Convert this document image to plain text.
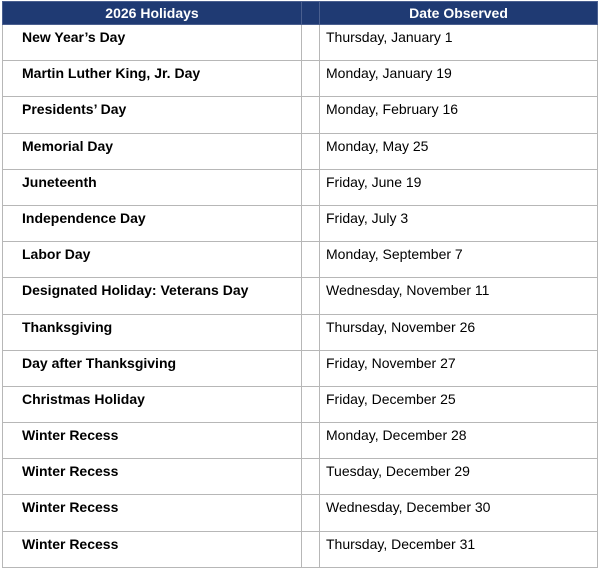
2026 Holidays		Date Observed
New Year’s Day		Thursday, January 1
Martin Luther King, Jr. Day		Monday, January 19
Presidents’ Day		Monday, February 16
Memorial Day		Monday, May 25
Juneteenth		Friday, June 19
Independence Day		Friday, July 3
Labor Day		Monday, September 7
Designated Holiday: Veterans Day		Wednesday, November 11
Thanksgiving		Thursday, November 26
Day after Thanksgiving		Friday, November 27
Christmas Holiday		Friday, December 25
Winter Recess		Monday, December 28
Winter Recess		Tuesday, December 29
Winter Recess		Wednesday, December 30
Winter Recess		Thursday, December 31
